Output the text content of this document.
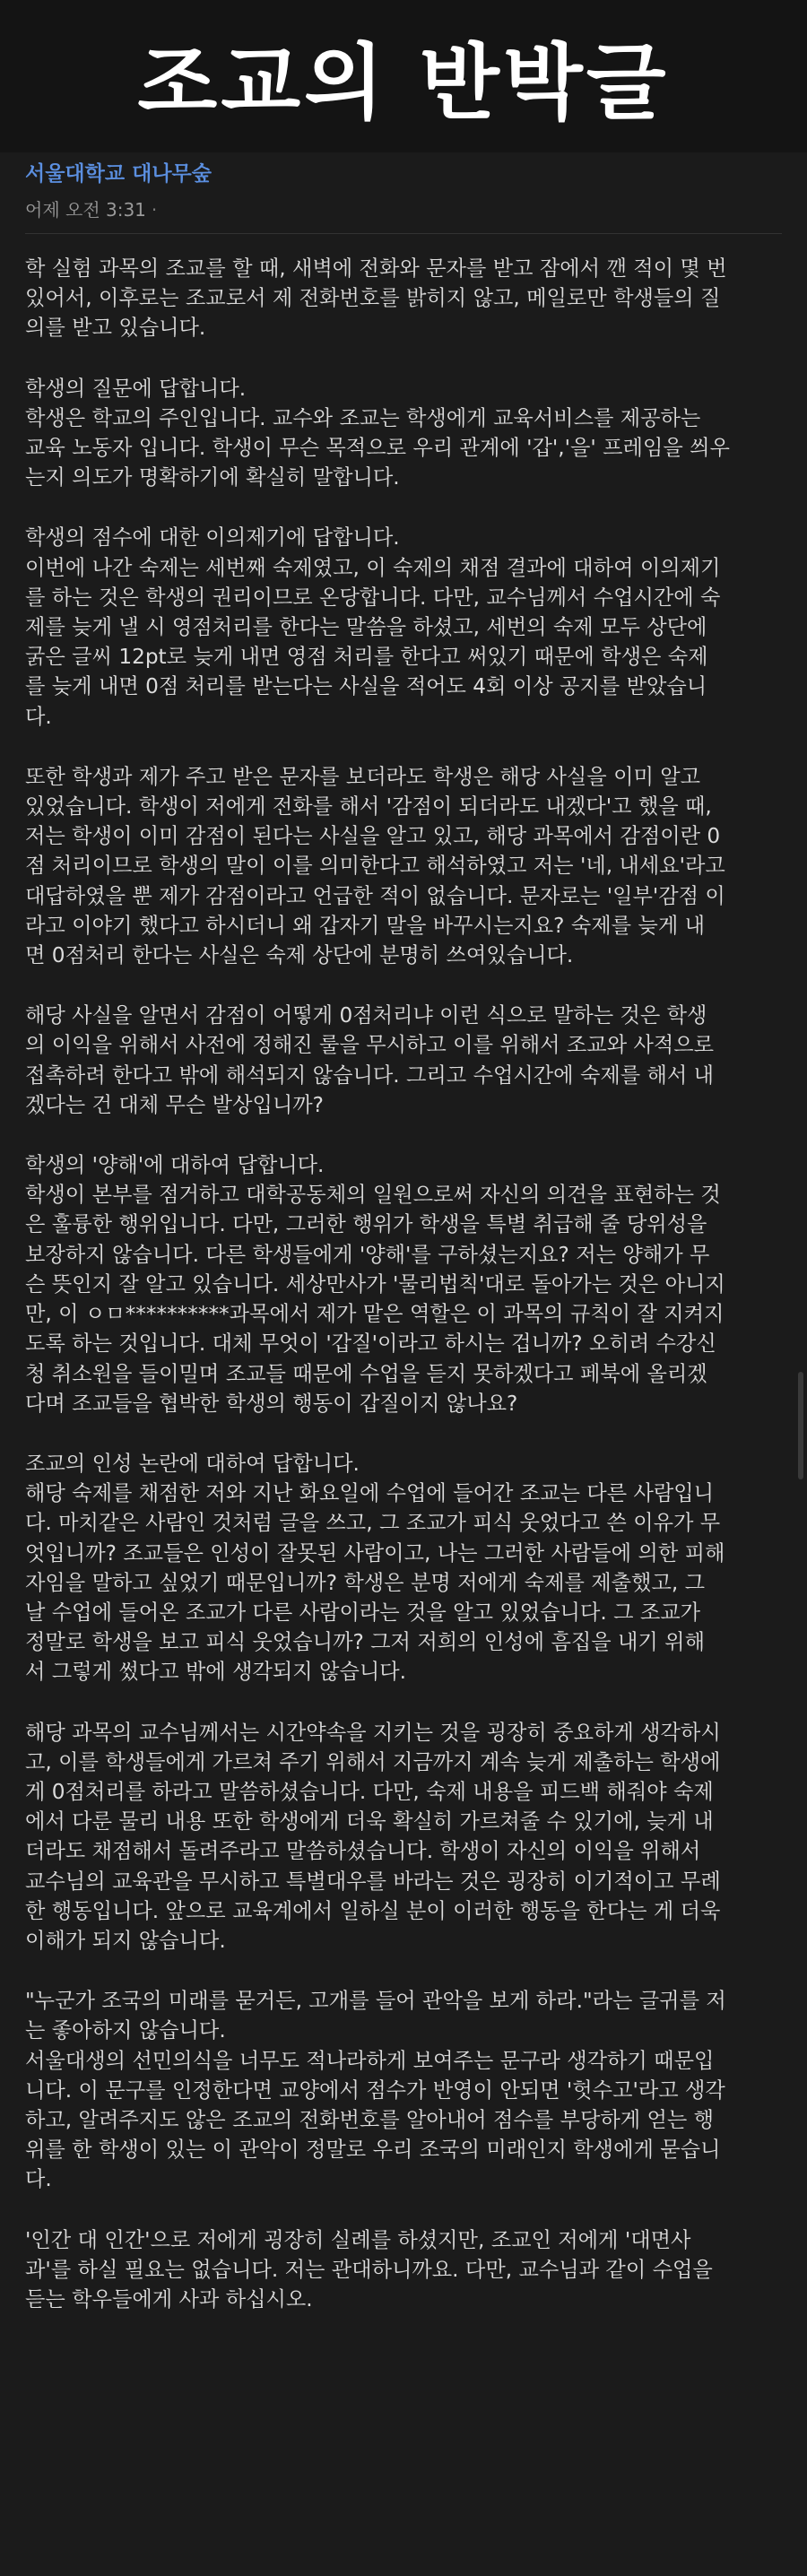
조교의 반박글
서울대학교 대나무숲
어제 오전 3:31 ·
학 실험 과목의 조교를 할 때, 새벽에 전화와 문자를 받고 잠에서 깬 적이 몇 번
있어서, 이후로는 조교로서 제 전화번호를 밝히지 않고, 메일로만 학생들의 질
의를 받고 있습니다.
학생의 질문에 답합니다.
학생은 학교의 주인입니다. 교수와 조교는 학생에게 교육서비스를 제공하는
교육 노동자 입니다. 학생이 무슨 목적으로 우리 관계에 '갑','을' 프레임을 씌우
는지 의도가 명확하기에 확실히 말합니다.
학생의 점수에 대한 이의제기에 답합니다.
이번에 나간 숙제는 세번째 숙제였고, 이 숙제의 채점 결과에 대하여 이의제기
를 하는 것은 학생의 권리이므로 온당합니다. 다만, 교수님께서 수업시간에 숙
제를 늦게 낼 시 영점처리를 한다는 말씀을 하셨고, 세번의 숙제 모두 상단에
굵은 글씨 12pt로 늦게 내면 영점 처리를 한다고 써있기 때문에 학생은 숙제
를 늦게 내면 0점 처리를 받는다는 사실을 적어도 4회 이상 공지를 받았습니
다.
또한 학생과 제가 주고 받은 문자를 보더라도 학생은 해당 사실을 이미 알고
있었습니다. 학생이 저에게 전화를 해서 '감점이 되더라도 내겠다'고 했을 때,
저는 학생이 이미 감점이 된다는 사실을 알고 있고, 해당 과목에서 감점이란 0
점 처리이므로 학생의 말이 이를 의미한다고 해석하였고 저는 '네, 내세요'라고
대답하였을 뿐 제가 감점이라고 언급한 적이 없습니다. 문자로는 '일부'감점 이
라고 이야기 했다고 하시더니 왜 갑자기 말을 바꾸시는지요? 숙제를 늦게 내
면 0점처리 한다는 사실은 숙제 상단에 분명히 쓰여있습니다.
해당 사실을 알면서 감점이 어떻게 0점처리냐 이런 식으로 말하는 것은 학생
의 이익을 위해서 사전에 정해진 룰을 무시하고 이를 위해서 조교와 사적으로
접촉하려 한다고 밖에 해석되지 않습니다. 그리고 수업시간에 숙제를 해서 내
겠다는 건 대체 무슨 발상입니까?
학생의 '양해'에 대하여 답합니다.
학생이 본부를 점거하고 대학공동체의 일원으로써 자신의 의견을 표현하는 것
은 훌륭한 행위입니다. 다만, 그러한 행위가 학생을 특별 취급해 줄 당위성을
보장하지 않습니다. 다른 학생들에게 '양해'를 구하셨는지요? 저는 양해가 무
슨 뜻인지 잘 알고 있습니다. 세상만사가 '물리법칙'대로 돌아가는 것은 아니지
만, 이 ㅇㅁ**********과목에서 제가 맡은 역할은 이 과목의 규칙이 잘 지켜지
도록 하는 것입니다. 대체 무엇이 '갑질'이라고 하시는 겁니까? 오히려 수강신
청 취소원을 들이밀며 조교들 때문에 수업을 듣지 못하겠다고 페북에 올리겠
다며 조교들을 협박한 학생의 행동이 갑질이지 않나요?
조교의 인성 논란에 대하여 답합니다.
해당 숙제를 채점한 저와 지난 화요일에 수업에 들어간 조교는 다른 사람입니
다. 마치같은 사람인 것처럼 글을 쓰고, 그 조교가 피식 웃었다고 쓴 이유가 무
엇입니까? 조교들은 인성이 잘못된 사람이고, 나는 그러한 사람들에 의한 피해
자임을 말하고 싶었기 때문입니까? 학생은 분명 저에게 숙제를 제출했고, 그
날 수업에 들어온 조교가 다른 사람이라는 것을 알고 있었습니다. 그 조교가
정말로 학생을 보고 피식 웃었습니까? 그저 저희의 인성에 흠집을 내기 위해
서 그렇게 썼다고 밖에 생각되지 않습니다.
해당 과목의 교수님께서는 시간약속을 지키는 것을 굉장히 중요하게 생각하시
고, 이를 학생들에게 가르쳐 주기 위해서 지금까지 계속 늦게 제출하는 학생에
게 0점처리를 하라고 말씀하셨습니다. 다만, 숙제 내용을 피드백 해줘야 숙제
에서 다룬 물리 내용 또한 학생에게 더욱 확실히 가르쳐줄 수 있기에, 늦게 내
더라도 채점해서 돌려주라고 말씀하셨습니다. 학생이 자신의 이익을 위해서
교수님의 교육관을 무시하고 특별대우를 바라는 것은 굉장히 이기적이고 무례
한 행동입니다. 앞으로 교육계에서 일하실 분이 이러한 행동을 한다는 게 더욱
이해가 되지 않습니다.
"누군가 조국의 미래를 묻거든, 고개를 들어 관악을 보게 하라."라는 글귀를 저
는 좋아하지 않습니다.
서울대생의 선민의식을 너무도 적나라하게 보여주는 문구라 생각하기 때문입
니다. 이 문구를 인정한다면 교양에서 점수가 반영이 안되면 '헛수고'라고 생각
하고, 알려주지도 않은 조교의 전화번호를 알아내어 점수를 부당하게 얻는 행
위를 한 학생이 있는 이 관악이 정말로 우리 조국의 미래인지 학생에게 묻습니
다.
'인간 대 인간'으로 저에게 굉장히 실례를 하셨지만, 조교인 저에게 '대면사
과'를 하실 필요는 없습니다. 저는 관대하니까요. 다만, 교수님과 같이 수업을
듣는 학우들에게 사과 하십시오.
